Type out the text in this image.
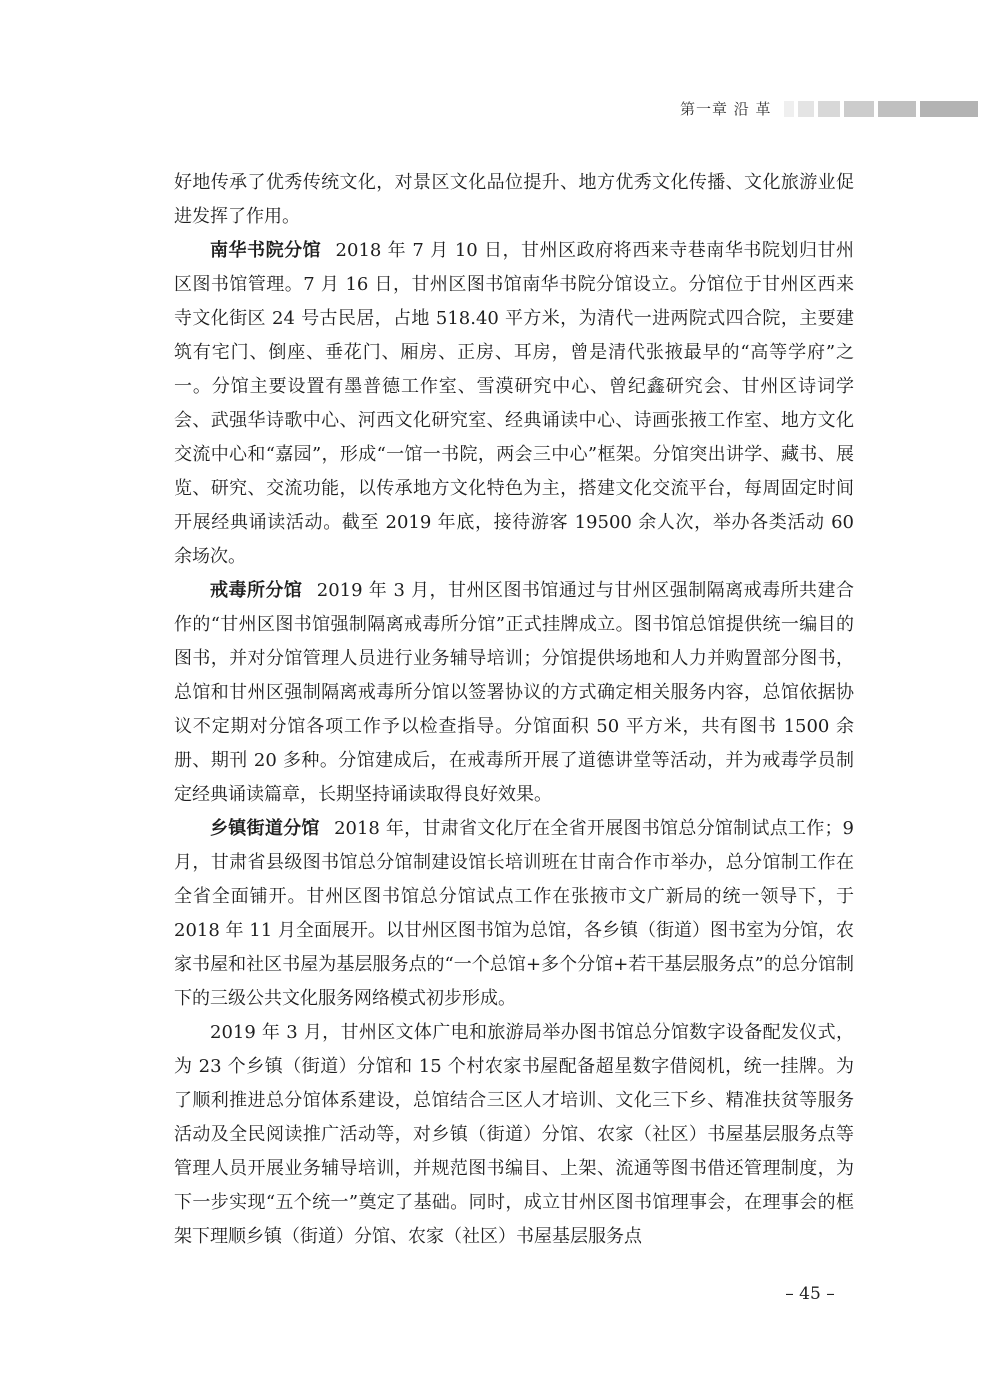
第一章 沿 革

好地传承了优秀传统文化，对景区文化品位提升、地方优秀文化传播、文化旅游业促进发挥了作用。

南华书院分馆 2018 年 7 月 10 日，甘州区政府将西来寺巷南华书院划归甘州区图书馆管理。7 月 16 日，甘州区图书馆南华书院分馆设立。分馆位于甘州区西来寺文化街区 24 号古民居，占地 518.40 平方米，为清代一进两院式四合院，主要建筑有宅门、倒座、垂花门、厢房、正房、耳房，曾是清代张掖最早的“高等学府”之一。分馆主要设置有墨普德工作室、雪漠研究中心、曾纪鑫研究会、甘州区诗词学会、武强华诗歌中心、河西文化研究室、经典诵读中心、诗画张掖工作室、地方文化交流中心和“嘉园”，形成“一馆一书院，两会三中心”框架。分馆突出讲学、藏书、展览、研究、交流功能，以传承地方文化特色为主，搭建文化交流平台，每周固定时间开展经典诵读活动。截至 2019 年底，接待游客 19500 余人次，举办各类活动 60 余场次。

戒毒所分馆 2019 年 3 月，甘州区图书馆通过与甘州区强制隔离戒毒所共建合作的“甘州区图书馆强制隔离戒毒所分馆”正式挂牌成立。图书馆总馆提供统一编目的图书，并对分馆管理人员进行业务辅导培训；分馆提供场地和人力并购置部分图书，总馆和甘州区强制隔离戒毒所分馆以签署协议的方式确定相关服务内容，总馆依据协议不定期对分馆各项工作予以检查指导。分馆面积 50 平方米，共有图书 1500 余册、期刊 20 多种。分馆建成后，在戒毒所开展了道德讲堂等活动，并为戒毒学员制定经典诵读篇章，长期坚持诵读取得良好效果。

乡镇街道分馆 2018 年，甘肃省文化厅在全省开展图书馆总分馆制试点工作；9 月，甘肃省县级图书馆总分馆制建设馆长培训班在甘南合作市举办，总分馆制工作在全省全面铺开。甘州区图书馆总分馆试点工作在张掖市文广新局的统一领导下，于 2018 年 11 月全面展开。以甘州区图书馆为总馆，各乡镇（街道）图书室为分馆，农家书屋和社区书屋为基层服务点的“一个总馆+多个分馆+若干基层服务点”的总分馆制下的三级公共文化服务网络模式初步形成。

2019 年 3 月，甘州区文体广电和旅游局举办图书馆总分馆数字设备配发仪式，为 23 个乡镇（街道）分馆和 15 个村农家书屋配备超星数字借阅机，统一挂牌。为了顺利推进总分馆体系建设，总馆结合三区人才培训、文化三下乡、精准扶贫等服务活动及全民阅读推广活动等，对乡镇（街道）分馆、农家（社区）书屋基层服务点等管理人员开展业务辅导培训，并规范图书编目、上架、流通等图书借还管理制度，为下一步实现“五个统一”奠定了基础。同时，成立甘州区图书馆理事会，在理事会的框架下理顺乡镇（街道）分馆、农家（社区）书屋基层服务点

– 45 –
